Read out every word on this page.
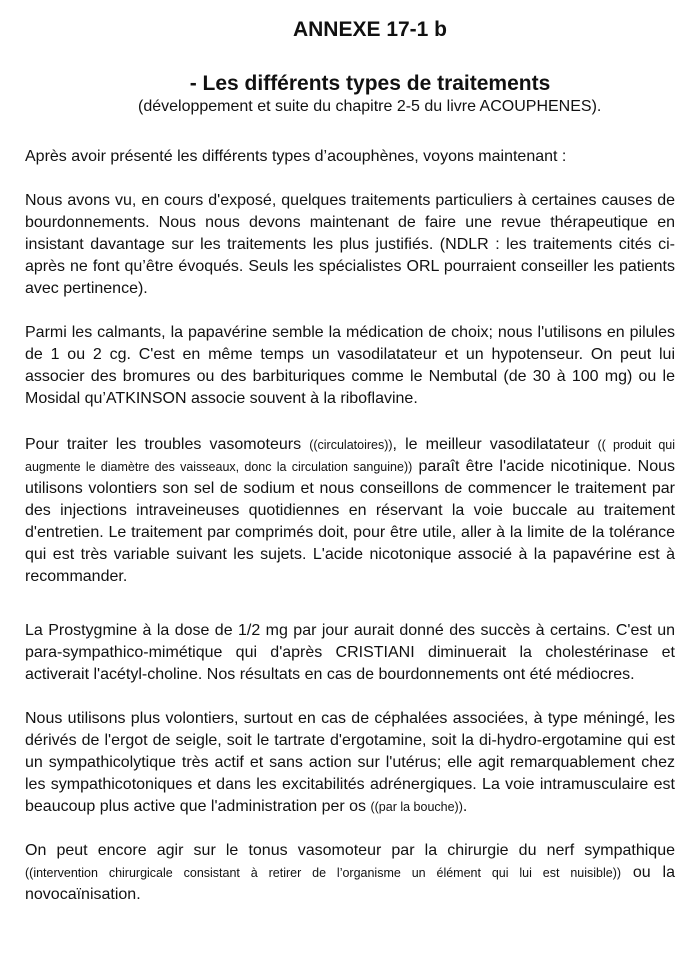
ANNEXE 17-1 b
- Les différents types de traitements

(développement et suite du chapitre 2-5 du livre ACOUPHENES).

Après avoir présenté les différents types d’acouphènes, voyons maintenant :

Nous avons vu, en cours d'exposé, quelques traitements particuliers à certaines causes de bourdonnements. Nous nous devons maintenant de faire une revue thérapeutique en insistant davantage sur les traitements les plus justifiés. (NDLR : les traitements cités ci-après ne font qu’être évoqués. Seuls les spécialistes ORL pourraient conseiller les patients avec pertinence).

Parmi les calmants, la papavérine semble la médication de choix; nous l'utilisons en pilules de 1 ou 2 cg. C'est en même temps un vasodilatateur et un hypotenseur. On peut lui associer des bromures ou des barbituriques comme le Nembutal (de 30 à 100 mg) ou le Mosidal qu’ATKINSON associe souvent à la riboflavine.

Pour traiter les troubles vasomoteurs ((circulatoires)), le meilleur vasodilatateur (( produit qui augmente le diamètre des vaisseaux, donc la circulation sanguine)) paraît être l'acide nicotinique. Nous utilisons volontiers son sel de sodium et nous conseillons de commencer le traitement par des injections intraveineuses quotidiennes en réservant la voie buccale au traitement d'entretien. Le traitement par comprimés doit, pour être utile, aller à la limite de la tolérance qui est très variable suivant les sujets. L'acide nicotonique associé à la papavérine est à recommander.

La Prostygmine à la dose de 1/2 mg par jour aurait donné des succès à certains. C'est un para-sympathico-mimétique qui d'après CRISTIANI diminuerait la cholestérinase et activerait l'acétyl-choline. Nos résultats en cas de bourdonnements ont été médiocres.

Nous utilisons plus volontiers, surtout en cas de céphalées associées, à type méningé, les dérivés de l'ergot de seigle, soit le tartrate d'ergotamine, soit la di-hydro-ergotamine qui est un sympathicolytique très actif et sans action sur l'utérus; elle agit remarquablement chez les sympathicotoniques et dans les excitabilités adrénergiques. La voie intramusculaire est beaucoup plus active que l'administration per os ((par la bouche)).

On peut encore agir sur le tonus vasomoteur par la chirurgie du nerf sympathique ((intervention chirurgicale consistant à retirer de l’organisme un élément qui lui est nuisible)) ou la novocaïnisation.
